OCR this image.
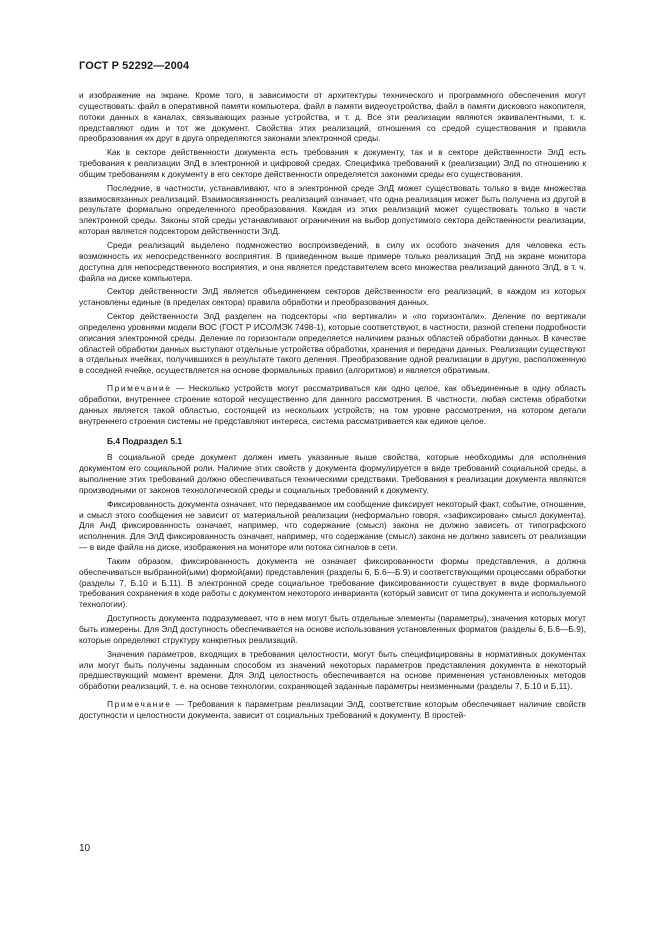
ГОСТ Р 52292—2004

и изображение на экране. Кроме того, в зависимости от архитектуры технического и программного обеспечения могут существовать: файл в оперативной памяти компьютера, файл в памяти видеоустройства, файл в памяти дискового накопителя, потоки данных в каналах, связывающих разные устройства, и т. д. Все эти реализации являются эквивалентными, т. к. представляют один и тот же документ. Свойства этих реализаций, отношения со средой существования и правила преобразования их друг в друга определяются законами электронной среды.

Как в секторе действенности документа есть требования к документу, так и в секторе действенности ЭлД есть требования к реализации ЭлД в электронной и цифровой средах. Специфика требований к (реализации) ЭлД по отношению к общим требованиям к документу в его секторе действенности определяется законами среды его существования.

Последние, в частности, устанавливают, что в электронной среде ЭлД может существовать только в виде множества взаимосвязанных реализаций. Взаимосвязанность реализаций означает, что одна реализация может быть получена из другой в результате формально определенного преобразования. Каждая из этих реализаций может существовать только в части электронной среды. Законы этой среды устанавливают ограничения на выбор допустимого сектора действенности реализации, которая является подсектором действенности ЭлД.

Среди реализаций выделено подмножество воспроизведений, в силу их особого значения для человека есть возможность их непосредственного восприятия. В приведенном выше примере только реализация ЭлД на экране монитора доступна для непосредственного восприятия, и она является представителем всего множества реализаций данного ЭлД, в т. ч. файла на диске компьютера.

Сектор действенности ЭлД является объединением секторов действенности его реализаций, в каждом из которых установлены единые (в пределах сектора) правила обработки и преобразования данных.

Сектор действенности ЭлД разделен на подсекторы «по вертикали» и «по горизонтали». Деление по вертикали определено уровнями модели ВОС (ГОСТ Р ИСО/МЭК 7498-1), которые соответствуют, в частности, разной степени подробности описания электронной среды. Деление по горизонтали определяется наличием разных областей обработки данных. В качестве областей обработки данных выступают отдельные устройства обработки, хранения и передачи данных. Реализации существуют в отдельных ячейках, получившихся в результате такого деления. Преобразование одной реализации в другую, расположенную в соседней ячейке, осуществляется на основе формальных правил (алгоритмов) и является обратимым.

Примечание — Несколько устройств могут рассматриваться как одно целое, как объединенные в одну область обработки, внутреннее строение которой несущественно для данного рассмотрения. В частности, любая система обработки данных является такой областью, состоящей из нескольких устройств; на том уровне рассмотрения, на котором детали внутреннего строения системы не представляют интереса, система рассматривается как единое целое.

Б.4 Подраздел 5.1

В социальной среде документ должен иметь указанные выше свойства, которые необходимы для исполнения документом его социальной роли. Наличие этих свойств у документа формулируется в виде требований социальной среды, а выполнение этих требований должно обеспечиваться техническими средствами. Требования к реализации документа являются производными от законов технологической среды и социальных требований к документу.

Фиксированность документа означает, что передаваемое им сообщение фиксирует некоторый факт, событие, отношение, и смысл этого сообщения не зависит от материальной реализации (неформально говоря, «зафиксирован» смысл документа). Для АнД фиксированность означает, например, что содержание (смысл) закона не должно зависеть от типографского исполнения. Для ЭлД фиксированность означает, например, что содержание (смысл) закона не должно зависеть от реализации — в виде файла на диске, изображения на мониторе или потока сигналов в сети.

Таким образом, фиксированность документа не означает фиксированности формы представления, а должна обеспечиваться выбранной(ыми) формой(ами) представления (разделы 6, Б.6—Б.9) и соответствующими процессами обработки (разделы 7, Б.10 и Б.11). В электронной среде социальное требование фиксированности существует в виде формального требования сохранения в ходе работы с документом некоторого инварианта (который зависит от типа документа и используемой технологии).

Доступность документа подразумевает, что в нем могут быть отдельные элементы (параметры), значения которых могут быть измерены. Для ЭлД доступность обеспечивается на основе использования установленных форматов (разделы 6, Б.6—Б.9), которые определяют структуру конкретных реализаций.

Значения параметров, входящих в требования целостности, могут быть специфицированы в нормативных документах или могут быть получены заданным способом из значений некоторых параметров представления документа в некоторый предшествующий момент времени. Для ЭлД целостность обеспечивается на основе применения установленных методов обработки реализаций, т. е. на основе технологии, сохраняющей заданные параметры неизменными (разделы 7, Б.10 и Б.11).

Примечание — Требования к параметрам реализации ЭлД, соответствие которым обеспечивает наличие свойств доступности и целостности документа, зависит от социальных требований к документу. В простей-

10
